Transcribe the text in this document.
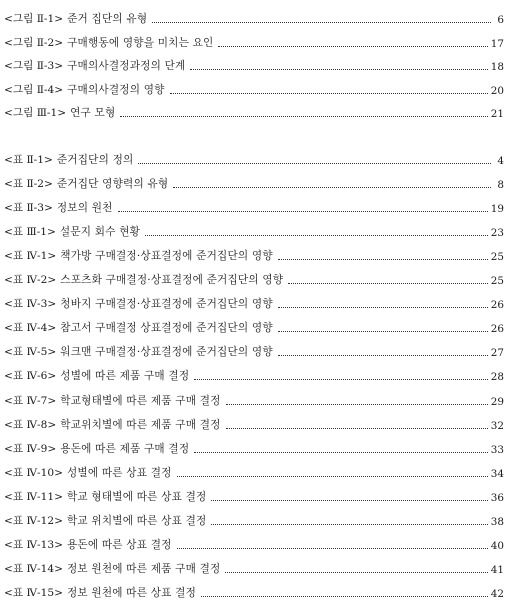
<그림 Ⅱ-1> 준거 집단의 유형	6
<그림 Ⅱ-2> 구매행동에 영향을 미치는 요인	17
<그림 Ⅱ-3> 구매의사결정과정의 단계	18
<그림 Ⅱ-4> 구매의사결정의 영향	20
<그림 Ⅲ-1> 연구 모형	21
<표 Ⅱ-1> 준거집단의 정의	4
<표 Ⅱ-2> 준거집단 영향력의 유형	8
<표 Ⅱ-3> 정보의 원천	19
<표 Ⅲ-1> 설문지 회수 현황	23
<표 Ⅳ-1> 책가방 구매결정·상표결정에 준거집단의 영향	25
<표 Ⅳ-2> 스포츠화 구매결정·상표결정에 준거집단의 영향	25
<표 Ⅳ-3> 청바지 구매결정·상표결정에 준거집단의 영향	26
<표 Ⅳ-4> 참고서 구매결정 상표결정에 준거집단의 영향	26
<표 Ⅳ-5> 워크맨 구매결정·상표결정에 준거집단의 영향	27
<표 Ⅳ-6> 성별에 따른 제품 구매 결정	28
<표 Ⅳ-7> 학교형태별에 따른 제품 구매 결정	29
<표 Ⅳ-8> 학교위치별에 따른 제품 구매 결정	32
<표 Ⅳ-9> 용돈에 따른 제품 구매 결정	33
<표 Ⅳ-10> 성별에 따른 상표 결정	34
<표 Ⅳ-11> 학교 형태별에 따른 상표 결정	36
<표 Ⅳ-12> 학교 위치별에 따른 상표 결정	38
<표 Ⅳ-13> 용돈에 따른 상표 결정	40
<표 Ⅳ-14> 정보 원천에 따른 제품 구매 결정	41
<표 Ⅳ-15> 정보 원천에 따른 상표 결정	42
